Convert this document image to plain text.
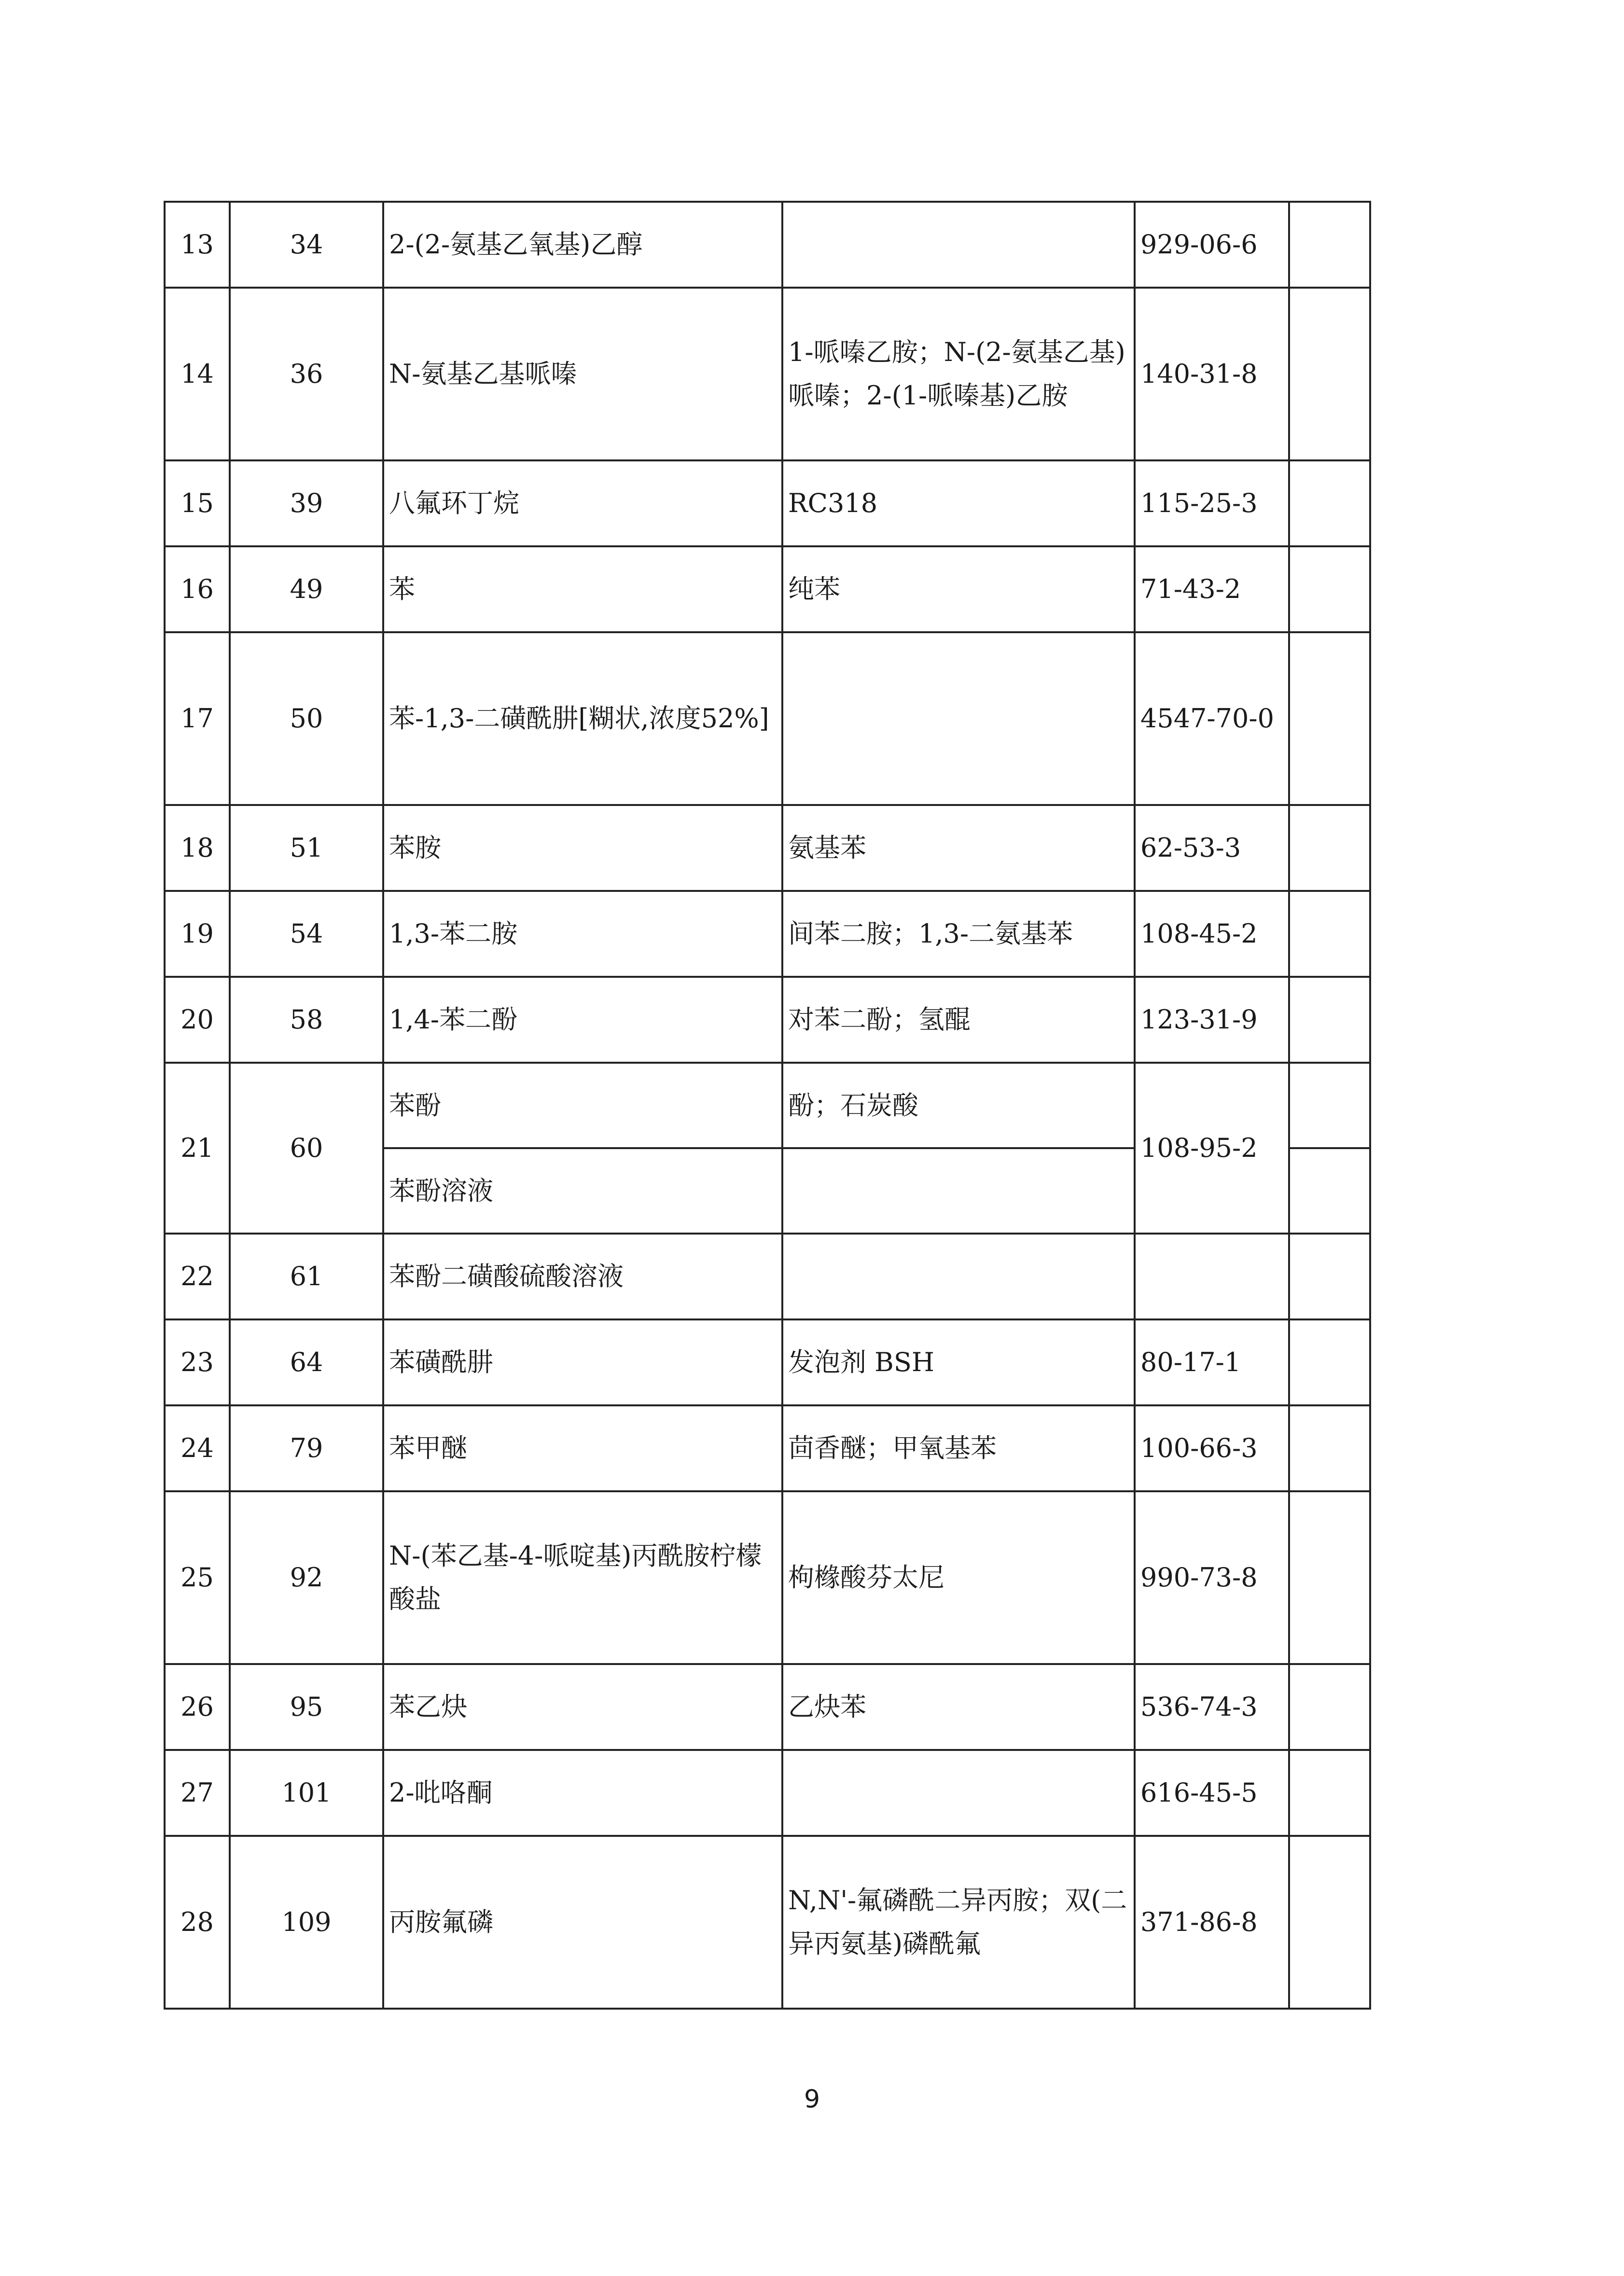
13	34	2-(2-氨基乙氧基)乙醇		929-06-6	
14	36	N-氨基乙基哌嗪	1-哌嗪乙胺；N-(2-氨基乙基)哌嗪；2-(1-哌嗪基)乙胺	140-31-8	
15	39	八氟环丁烷	RC318	115-25-3	
16	49	苯	纯苯	71-43-2	
17	50	苯-1,3-二磺酰肼[糊状,浓度52%]		4547-70-0	
18	51	苯胺	氨基苯	62-53-3	
19	54	1,3-苯二胺	间苯二胺；1,3-二氨基苯	108-45-2	
20	58	1,4-苯二酚	对苯二酚；氢醌	123-31-9	
21	60	苯酚	酚；石炭酸	108-95-2	
		苯酚溶液			
22	61	苯酚二磺酸硫酸溶液			
23	64	苯磺酰肼	发泡剂 BSH	80-17-1	
24	79	苯甲醚	茴香醚；甲氧基苯	100-66-3	
25	92	N-(苯乙基-4-哌啶基)丙酰胺柠檬酸盐	枸橼酸芬太尼	990-73-8	
26	95	苯乙炔	乙炔苯	536-74-3	
27	101	2-吡咯酮		616-45-5	
28	109	丙胺氟磷	N,N'-氟磷酰二异丙胺；双(二异丙氨基)磷酰氟	371-86-8	
9
